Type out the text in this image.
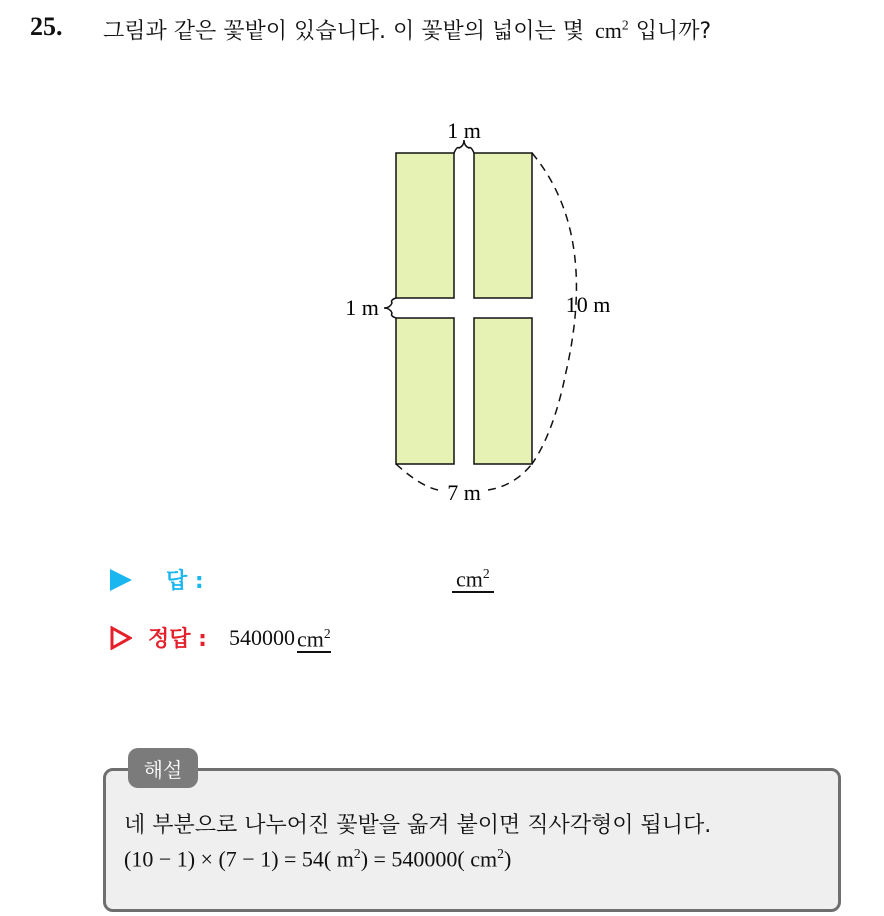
25. 그림과 같은 꽃밭이 있습니다. 이 꽃밭의 넓이는 몇 $cm^2$ 입니까?
1 m
1 m	10 m
7 m
답 :	$cm^2$
정답 : 540000 $cm^2$
해설
네 부분으로 나누어진 꽃밭을 옮겨 붙이면 직사각형이 됩니다.
(10 − 1) × (7 − 1) = 54( $m^2) = 540000$( $cm^2$)
